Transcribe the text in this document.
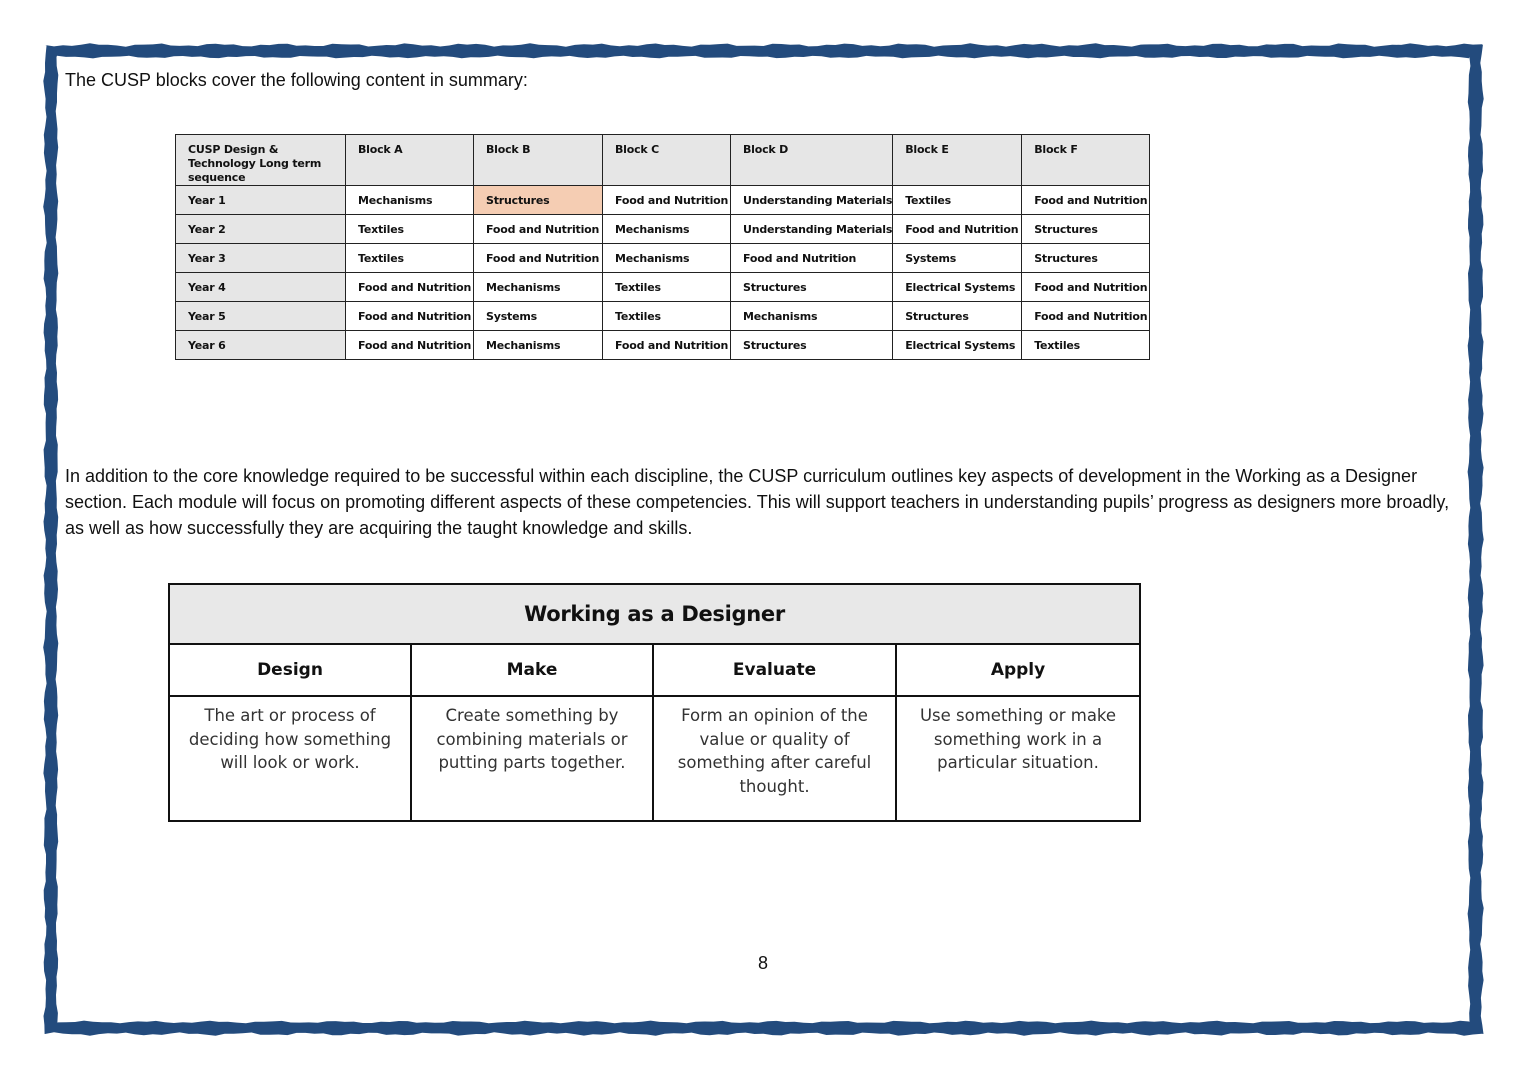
The CUSP blocks cover the following content in summary:

CUSP Design & Technology Long term sequence	Block A	Block B	Block C	Block D	Block E	Block F
Year 1	Mechanisms	Structures	Food and Nutrition	Understanding Materials	Textiles	Food and Nutrition
Year 2	Textiles	Food and Nutrition	Mechanisms	Understanding Materials	Food and Nutrition	Structures
Year 3	Textiles	Food and Nutrition	Mechanisms	Food and Nutrition	Systems	Structures
Year 4	Food and Nutrition	Mechanisms	Textiles	Structures	Electrical Systems	Food and Nutrition
Year 5	Food and Nutrition	Systems	Textiles	Mechanisms	Structures	Food and Nutrition
Year 6	Food and Nutrition	Mechanisms	Food and Nutrition	Structures	Electrical Systems	Textiles

In addition to the core knowledge required to be successful within each discipline, the CUSP curriculum outlines key aspects of development in the Working as a Designer section. Each module will focus on promoting different aspects of these competencies. This will support teachers in understanding pupils’ progress as designers more broadly, as well as how successfully they are acquiring the taught knowledge and skills.

Working as a Designer			
Design	Make	Evaluate	Apply
The art or process of deciding how something will look or work.	Create something by combining materials or putting parts together.	Form an opinion of the value or quality of something after careful thought.	Use something or make something work in a particular situation.
8
